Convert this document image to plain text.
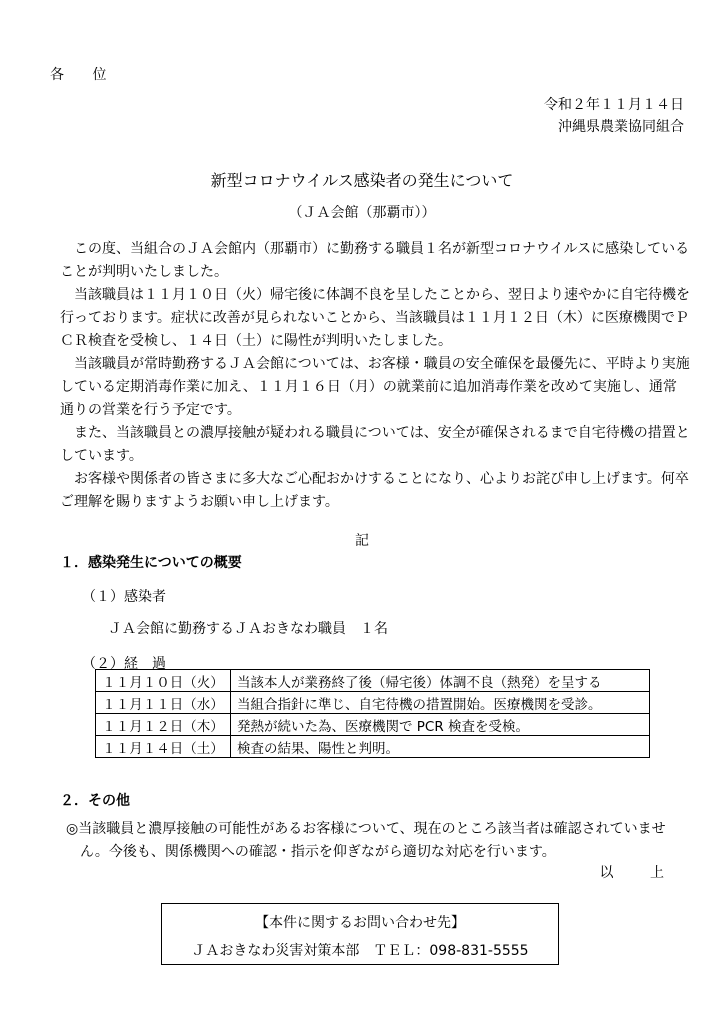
各 位
令和２年１１月１４日
沖縄県農業協同組合
新型コロナウイルス感染者の発生について
（ＪＡ会館（那覇市））

この度、当組合のＪＡ会館内（那覇市）に勤務する職員１名が新型コロナウイルスに感染していることが判明いたしました。

当該職員は１１月１０日（火）帰宅後に体調不良を呈したことから、翌日より速やかに自宅待機を行っております。症状に改善が見られないことから、当該職員は１１月１２日（木）に医療機関でＰＣＲ検査を受検し、１４日（土）に陽性が判明いたしました。

当該職員が常時勤務するＪＡ会館については、お客様・職員の安全確保を最優先に、平時より実施している定期消毒作業に加え、１１月１６日（月）の就業前に追加消毒作業を改めて実施し、通常通りの営業を行う予定です。

また、当該職員との濃厚接触が疑われる職員については、安全が確保されるまで自宅待機の措置としています。

お客様や関係者の皆さまに多大なご心配おかけすることになり、心よりお詫び申し上げます。何卒ご理解を賜りますようお願い申し上げます。

記
１．感染発生についての概要
（１）感染者
ＪＡ会館に勤務するＪＡおきなわ職員　１名
（２）経　過
１１月１０日（火）	当該本人が業務終了後（帰宅後）体調不良（熱発）を呈する
１１月１１日（水）	当組合指針に準じ、自宅待機の措置開始。医療機関を受診。
１１月１２日（木）	発熱が続いた為、医療機関で PCR 検査を受検。
１１月１４日（土）	検査の結果、陽性と判明。
２．その他

◎当該職員と濃厚接触の可能性があるお客様について、現在のところ該当者は確認されていません。今後も、関係機関への確認・指示を仰ぎながら適切な対応を行います。

以 上
【本件に関するお問い合わせ先】
ＪＡおきなわ災害対策本部　ＴＥＬ：098-831-5555
